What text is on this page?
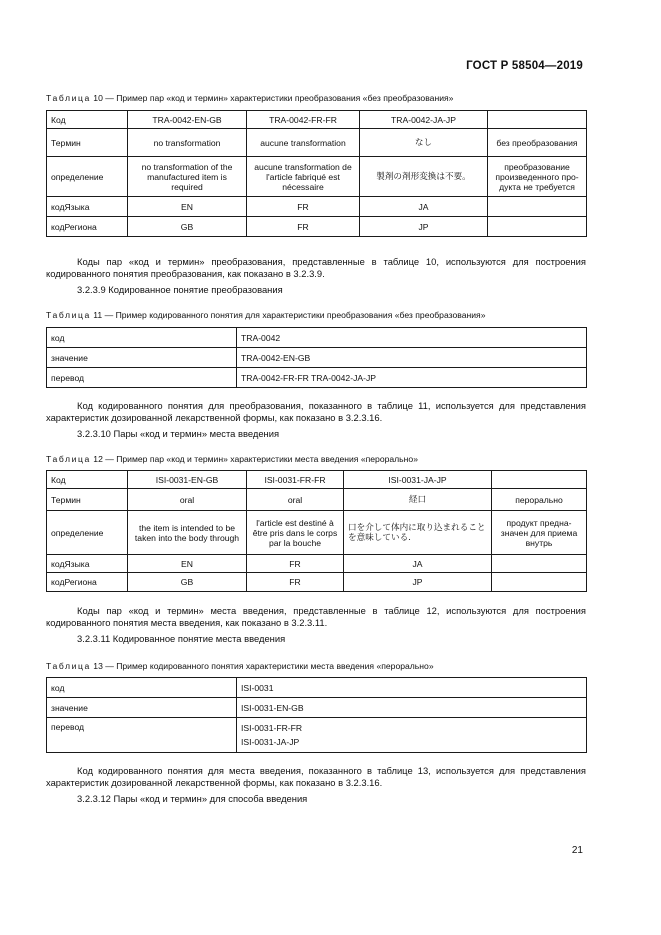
ГОСТ Р 58504—2019
Таблица 10 — Пример пар «код и термин» характеристики преобразования «без преобразования»
Код	TRA-0042-EN-GB	TRA-0042-FR-FR	TRA-0042-JA-JP	
Термин	no transformation	aucune transformation	なし	без преобразования
определение	no transformation of the manufactured item is required	aucune transformation de l'article fabriqué est nécessaire	製剤の剤形変換は不要。	преобразование произведенного продукта не требуется
кодЯзыка	EN	FR	JA	
кодРегиона	GB	FR	JP	
Коды пар «код и термин» преобразования, представленные в таблице 10, используются для построения кодированного понятия преобразования, как показано в 3.2.3.9.
3.2.3.9 Кодированное понятие преобразования
Таблица 11 — Пример кодированного понятия для характеристики преобразования «без преобразования»
код	TRA-0042
значение	TRA-0042-EN-GB
перевод	TRA-0042-FR-FR TRA-0042-JA-JP
Код кодированного понятия для преобразования, показанного в таблице 11, используется для представления характеристик дозированной лекарственной формы, как показано в 3.2.3.16.
3.2.3.10 Пары «код и термин» места введения
Таблица 12 — Пример пар «код и термин» характеристики места введения «перорально»
Код	ISI-0031-EN-GB	ISI-0031-FR-FR	ISI-0031-JA-JP	
Термин	oral	oral	経口	перорально
определение	the item is intended to be taken into the body through	l'article est destiné à être pris dans le corps par la bouche	口を介して体内に取り込まれることを意味している.	продукт предназначен для приема внутрь
кодЯзыка	EN	FR	JA	
кодРегиона	GB	FR	JP	
Коды пар «код и термин» места введения, представленные в таблице 12, используются для построения кодированного понятия места введения, как показано в 3.2.3.11.
3.2.3.11 Кодированное понятие места введения
Таблица 13 — Пример кодированного понятия характеристики места введения «перорально»
код	ISI-0031
значение	ISI-0031-EN-GB
перевод	ISI-0031-FR-FR
ISI-0031-JA-JP
Код кодированного понятия для места введения, показанного в таблице 13, используется для представления характеристик дозированной лекарственной формы, как показано в 3.2.3.16.
3.2.3.12 Пары «код и термин» для способа введения
21
